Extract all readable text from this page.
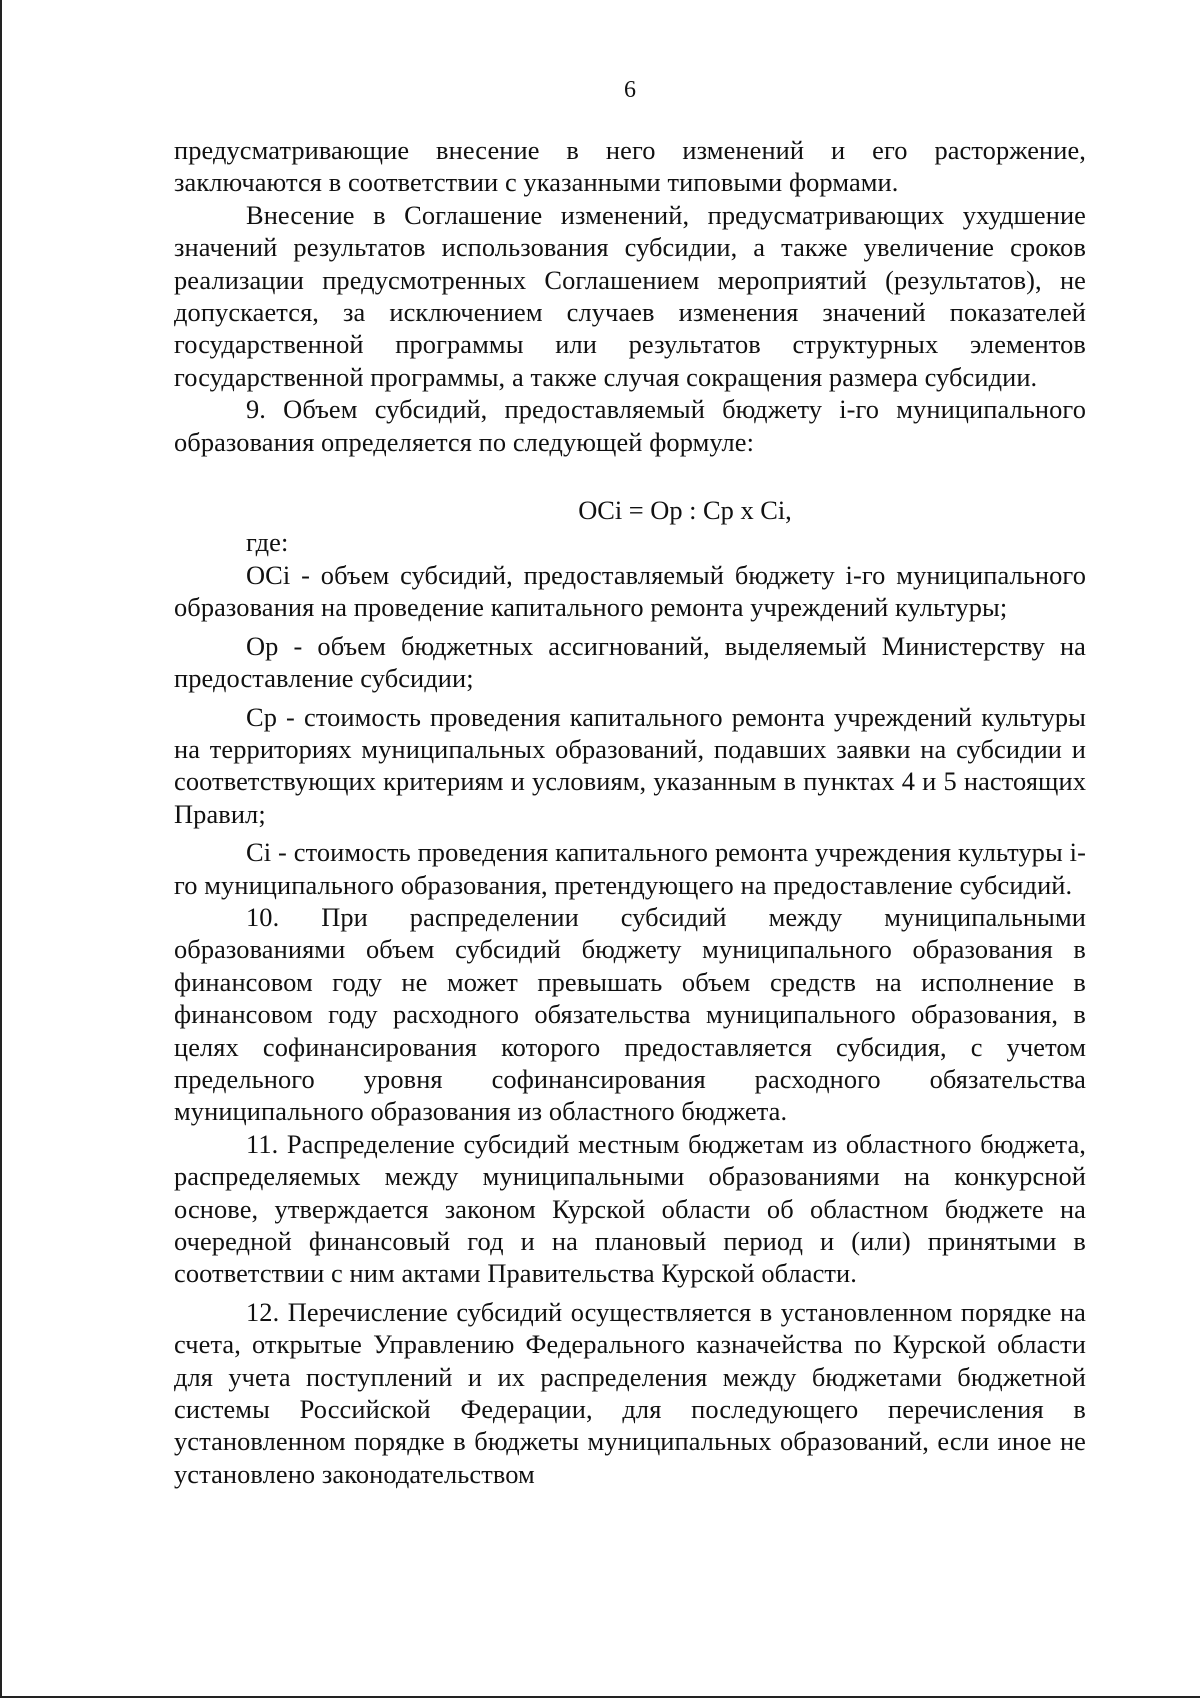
6

предусматривающие внесение в него изменений и его расторжение, заключаются в соответствии с указанными типовыми формами.

Внесение в Соглашение изменений, предусматривающих ухудшение значений результатов использования субсидии, а также увеличение сроков реализации предусмотренных Соглашением мероприятий (результатов), не допускается, за исключением случаев изменения значений показателей государственной программы или результатов структурных элементов государственной программы, а также случая сокращения размера субсидии.

9. Объем субсидий, предоставляемый бюджету i-го муниципального образования определяется по следующей формуле:

OCi = Op : Cp x Ci,

где:

OCi - объем субсидий, предоставляемый бюджету i-го муниципального образования на проведение капитального ремонта учреждений культуры;

Op - объем бюджетных ассигнований, выделяемый Министерству на предоставление субсидии;

Cp - стоимость проведения капитального ремонта учреждений культуры на территориях муниципальных образований, подавших заявки на субсидии и соответствующих критериям и условиям, указанным в пунктах 4 и 5 настоящих Правил;

Ci - стоимость проведения капитального ремонта учреждения культуры i-го муниципального образования, претендующего на предоставление субсидий.

10. При распределении субсидий между муниципальными образованиями объем субсидий бюджету муниципального образования в финансовом году не может превышать объем средств на исполнение в финансовом году расходного обязательства муниципального образования, в целях софинансирования которого предоставляется субсидия, с учетом предельного уровня софинансирования расходного обязательства муниципального образования из областного бюджета.

11. Распределение субсидий местным бюджетам из областного бюджета, распределяемых между муниципальными образованиями на конкурсной основе, утверждается законом Курской области об областном бюджете на очередной финансовый год и на плановый период и (или) принятыми в соответствии с ним актами Правительства Курской области.

12. Перечисление субсидий осуществляется в установленном порядке на счета, открытые Управлению Федерального казначейства по Курской области для учета поступлений и их распределения между бюджетами бюджетной системы Российской Федерации, для последующего перечисления в установленном порядке в бюджеты муниципальных образований, если иное не установлено законодательством
